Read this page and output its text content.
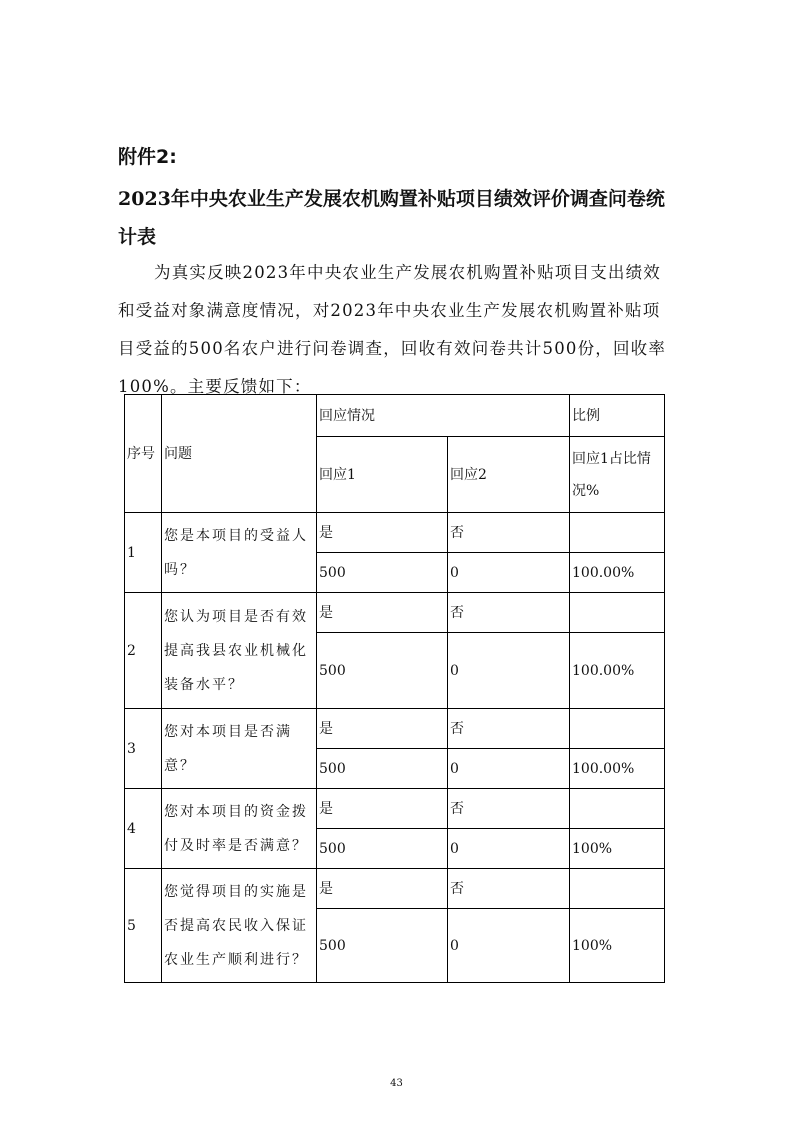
附件2:
2023年中央农业生产发展农机购置补贴项目绩效评价调查问卷统计表

为真实反映2023年中央农业生产发展农机购置补贴项目支出绩效和受益对象满意度情况，对2023年中央农业生产发展农机购置补贴项目受益的500名农户进行问卷调查，回收有效问卷共计500份，回收率100%。主要反馈如下：

序号	问题	回应情况		比例
		回应1	回应2	回应1占比情况%
1	您是本项目的受益人吗？	是	否	
		500	0	100.00%
2	您认为项目是否有效提高我县农业机械化装备水平？	是	否	
		500	0	100.00%
3	您对本项目是否满意？	是	否	
		500	0	100.00%
4	您对本项目的资金拨付及时率是否满意？	是	否	
		500	0	100%
5	您觉得项目的实施是否提高农民收入保证农业生产顺利进行？	是	否	
		500	0	100%
43
